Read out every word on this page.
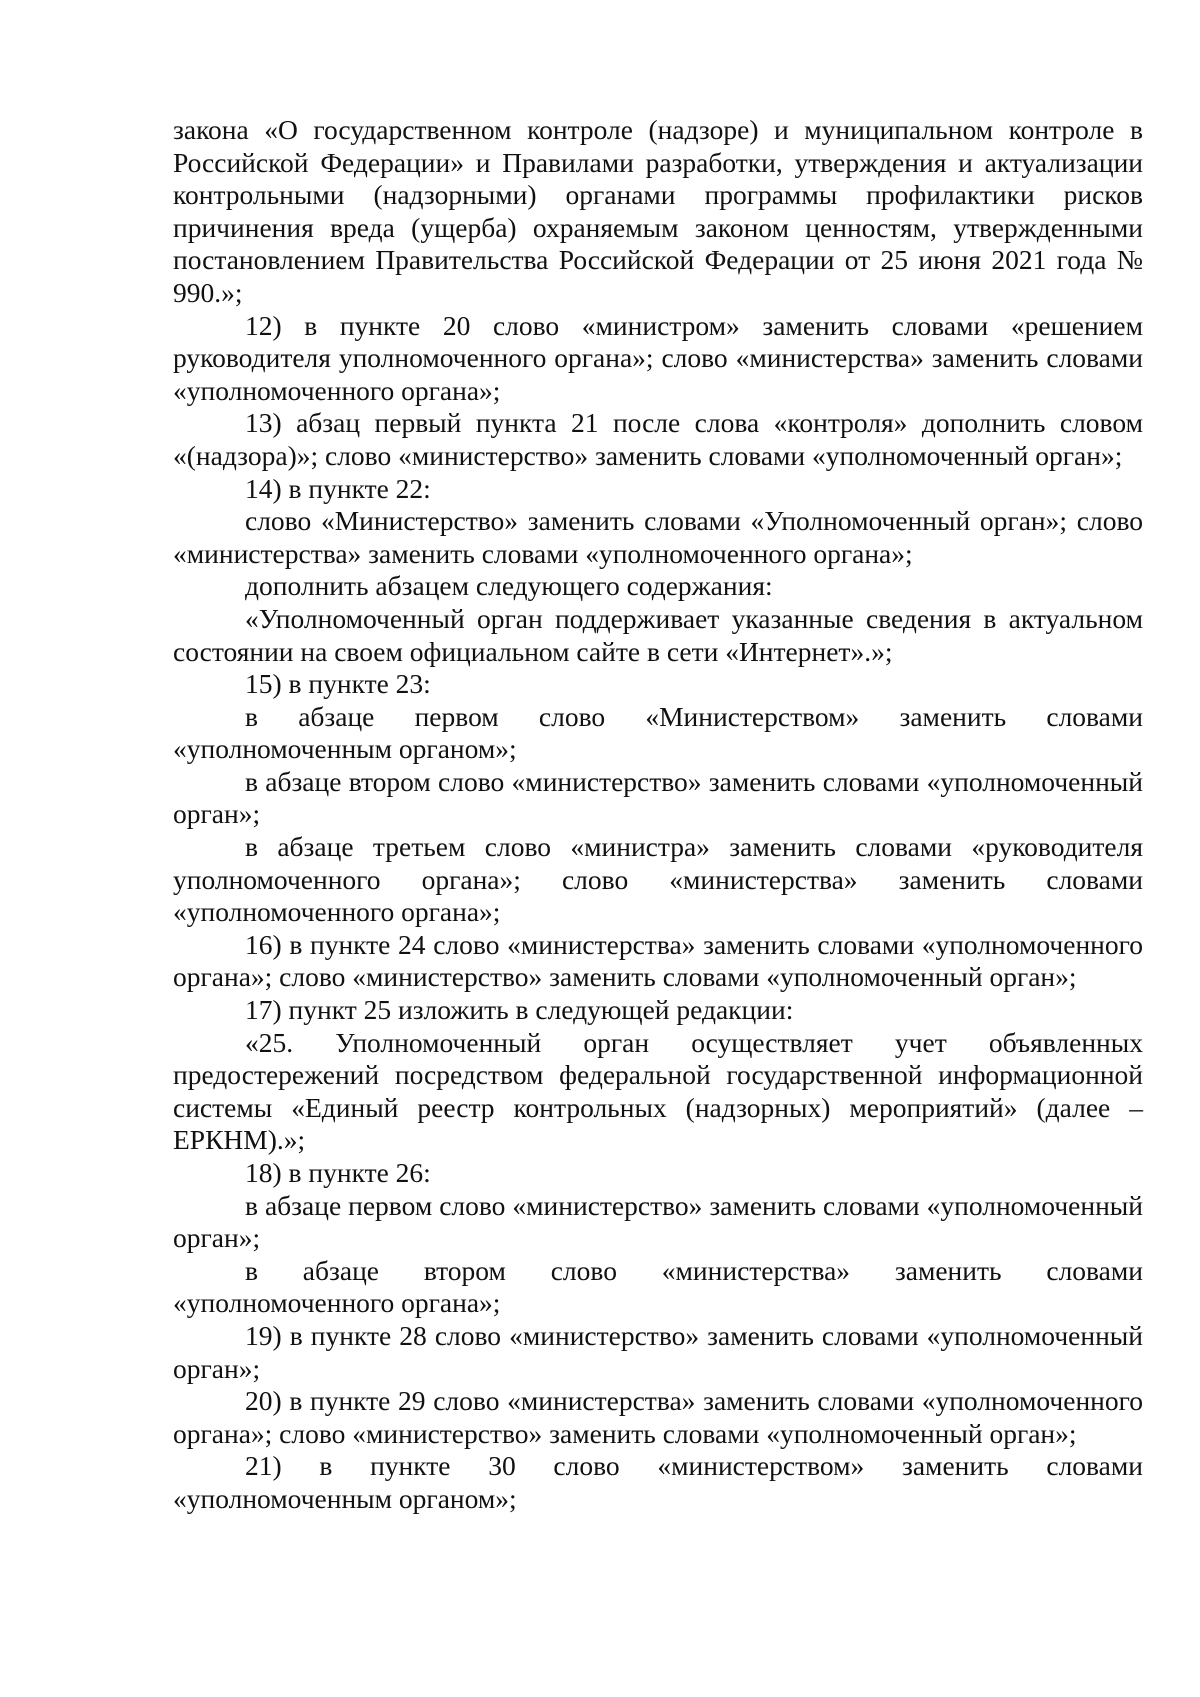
закона «О государственном контроле (надзоре) и муниципальном контроле в Российской Федерации» и Правилами разработки, утверждения и актуализации контрольными (надзорными) органами программы профилактики рисков причинения вреда (ущерба) охраняемым законом ценностям, утвержденными постановлением Правительства Российской Федерации от 25 июня 2021 года № 990.»;

12) в пункте 20 слово «министром» заменить словами «решением руководителя уполномоченного органа»; слово «министерства» заменить словами «уполномоченного органа»;

13) абзац первый пункта 21 после слова «контроля» дополнить словом «(надзора)»; слово «министерство» заменить словами «уполномоченный орган»;

14) в пункте 22:

слово «Министерство» заменить словами «Уполномоченный орган»; слово «министерства» заменить словами «уполномоченного органа»;

дополнить абзацем следующего содержания:

«Уполномоченный орган поддерживает указанные сведения в актуальном состоянии на своем официальном сайте в сети «Интернет».»;

15) в пункте 23:

в абзаце первом слово «Министерством» заменить словами «уполномоченным органом»;

в абзаце втором слово «министерство» заменить словами «уполномоченный орган»;

в абзаце третьем слово «министра» заменить словами «руководителя уполномоченного органа»; слово «министерства» заменить словами «уполномоченного органа»;

16) в пункте 24 слово «министерства» заменить словами «уполномоченного органа»; слово «министерство» заменить словами «уполномоченный орган»;

17) пункт 25 изложить в следующей редакции:

«25. Уполномоченный орган осуществляет учет объявленных предостережений посредством федеральной государственной информационной системы «Единый реестр контрольных (надзорных) мероприятий» (далее – ЕРКНМ).»;

18) в пункте 26:

в абзаце первом слово «министерство» заменить словами «уполномоченный орган»;

в абзаце втором слово «министерства» заменить словами «уполномоченного органа»;

19) в пункте 28 слово «министерство» заменить словами «уполномоченный орган»;

20) в пункте 29 слово «министерства» заменить словами «уполномоченного органа»; слово «министерство» заменить словами «уполномоченный орган»;

21) в пункте 30 слово «министерством» заменить словами «уполномоченным органом»;
